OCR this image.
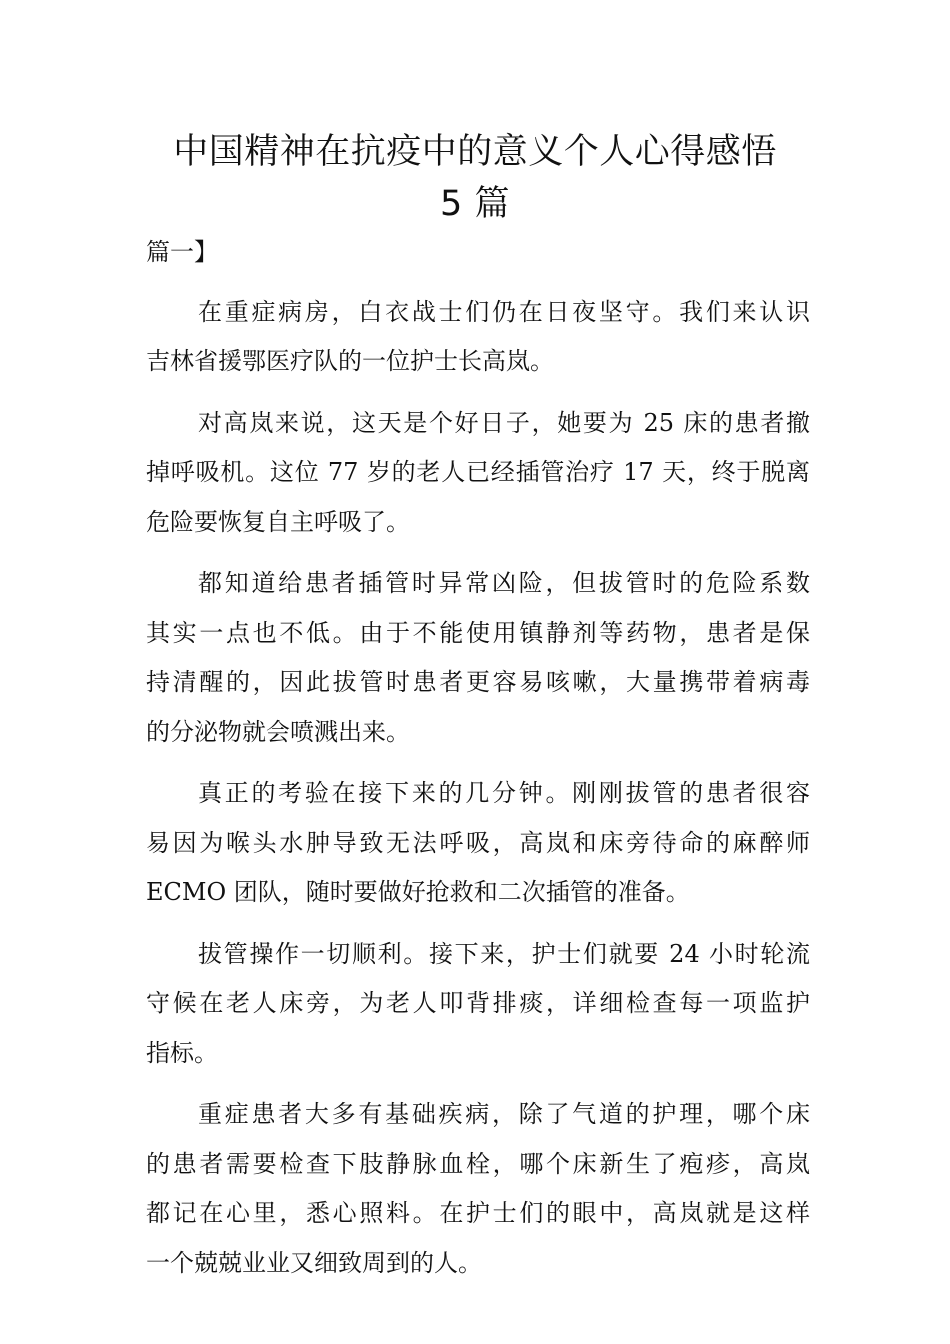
中国精神在抗疫中的意义个人心得感悟
5 篇
篇一】
在重症病房，白衣战士们仍在日夜坚守。我们来认识
吉林省援鄂医疗队的一位护士长高岚。
对高岚来说，这天是个好日子，她要为 25 床的患者撤
掉呼吸机。这位 77 岁的老人已经插管治疗 17 天，终于脱离
危险要恢复自主呼吸了。
都知道给患者插管时异常凶险，但拔管时的危险系数
其实一点也不低。由于不能使用镇静剂等药物，患者是保
持清醒的，因此拔管时患者更容易咳嗽，大量携带着病毒
的分泌物就会喷溅出来。
真正的考验在接下来的几分钟。刚刚拔管的患者很容
易因为喉头水肿导致无法呼吸，高岚和床旁待命的麻醉师
ECMO 团队，随时要做好抢救和二次插管的准备。
拔管操作一切顺利。接下来，护士们就要 24 小时轮流
守候在老人床旁，为老人叩背排痰，详细检查每一项监护
指标。
重症患者大多有基础疾病，除了气道的护理，哪个床
的患者需要检查下肢静脉血栓，哪个床新生了疱疹，高岚
都记在心里，悉心照料。在护士们的眼中，高岚就是这样
一个兢兢业业又细致周到的人。
